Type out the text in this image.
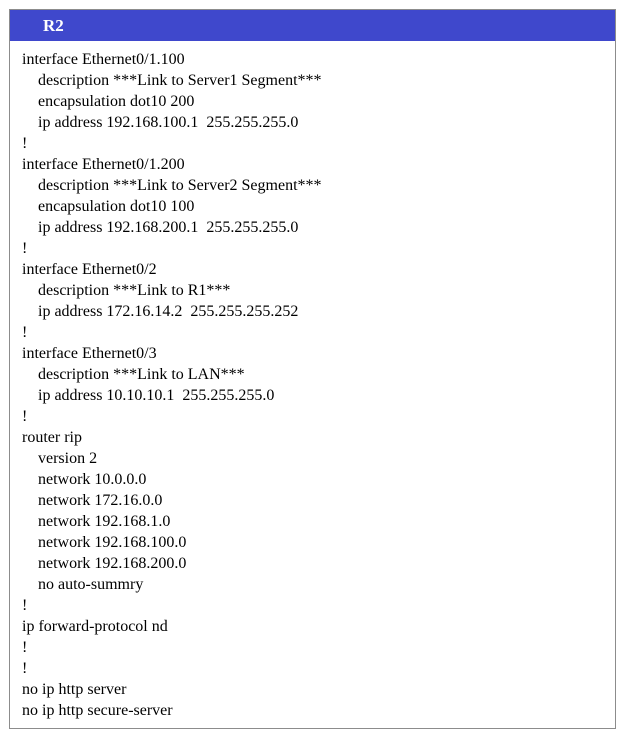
R2
interface Ethernet0/1.100
description ***Link to Server1 Segment***
encapsulation dot10 200
ip address 192.168.100.1  255.255.255.0
!
interface Ethernet0/1.200
description ***Link to Server2 Segment***
encapsulation dot10 100
ip address 192.168.200.1  255.255.255.0
!
interface Ethernet0/2
description ***Link to R1***
ip address 172.16.14.2  255.255.255.252
!
interface Ethernet0/3
description ***Link to LAN***
ip address 10.10.10.1  255.255.255.0
!
router rip
version 2
network 10.0.0.0
network 172.16.0.0
network 192.168.1.0
network 192.168.100.0
network 192.168.200.0
no auto-summry
!
ip forward-protocol nd
!
!
no ip http server
no ip http secure-server
